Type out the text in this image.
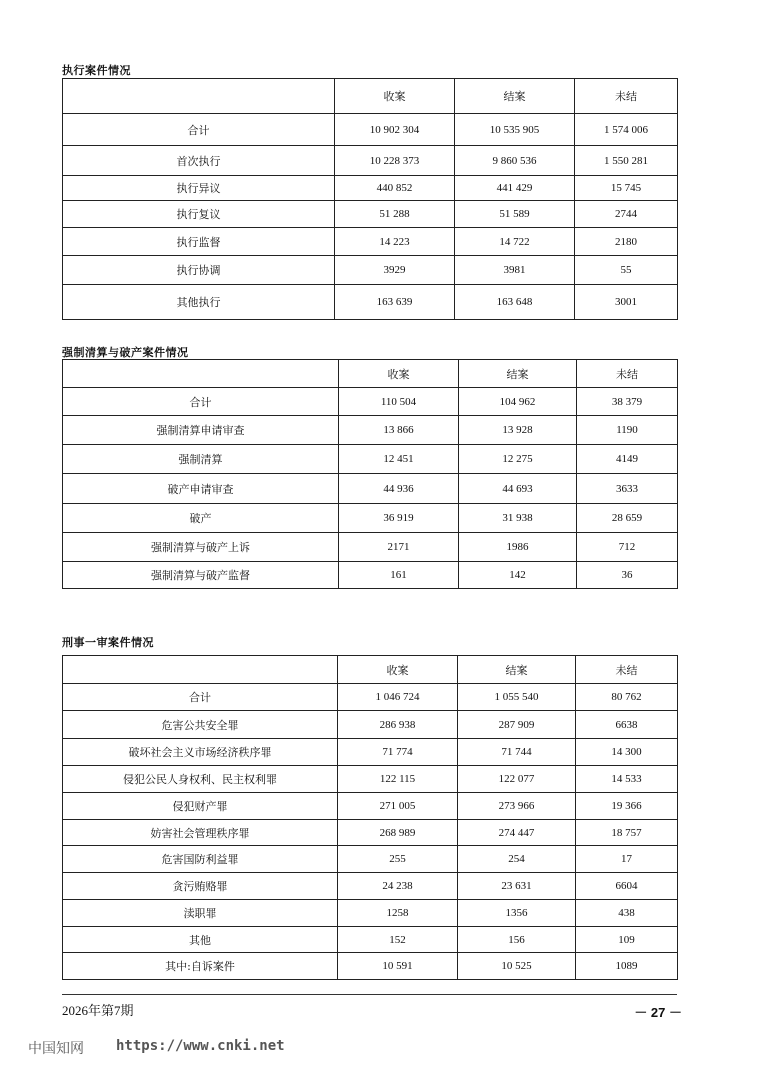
执行案件情况
	收案	结案	未结
合计	10 902 304	10 535 905	1 574 006
首次执行	10 228 373	9 860 536	1 550 281
执行异议	440 852	441 429	15 745
执行复议	51 288	51 589	2744
执行监督	14 223	14 722	2180
执行协调	3929	3981	55
其他执行	163 639	163 648	3001
强制清算与破产案件情况
	收案	结案	未结
合计	110 504	104 962	38 379
强制清算申请审查	13 866	13 928	1190
强制清算	12 451	12 275	4149
破产申请审查	44 936	44 693	3633
破产	36 919	31 938	28 659
强制清算与破产上诉	2171	1986	712
强制清算与破产监督	161	142	36
刑事一审案件情况
	收案	结案	未结
合计	1 046 724	1 055 540	80 762
危害公共安全罪	286 938	287 909	6638
破坏社会主义市场经济秩序罪	71 774	71 744	14 300
侵犯公民人身权利、民主权利罪	122 115	122 077	14 533
侵犯财产罪	271 005	273 966	19 366
妨害社会管理秩序罪	268 989	274 447	18 757
危害国防利益罪	255	254	17
贪污贿赂罪	24 238	23 631	6604
渎职罪	1258	1356	438
其他	152	156	109
其中:自诉案件	10 591	10 525	1089
2026年第7期	－ 27 －
中国知网 https://www.cnki.net
